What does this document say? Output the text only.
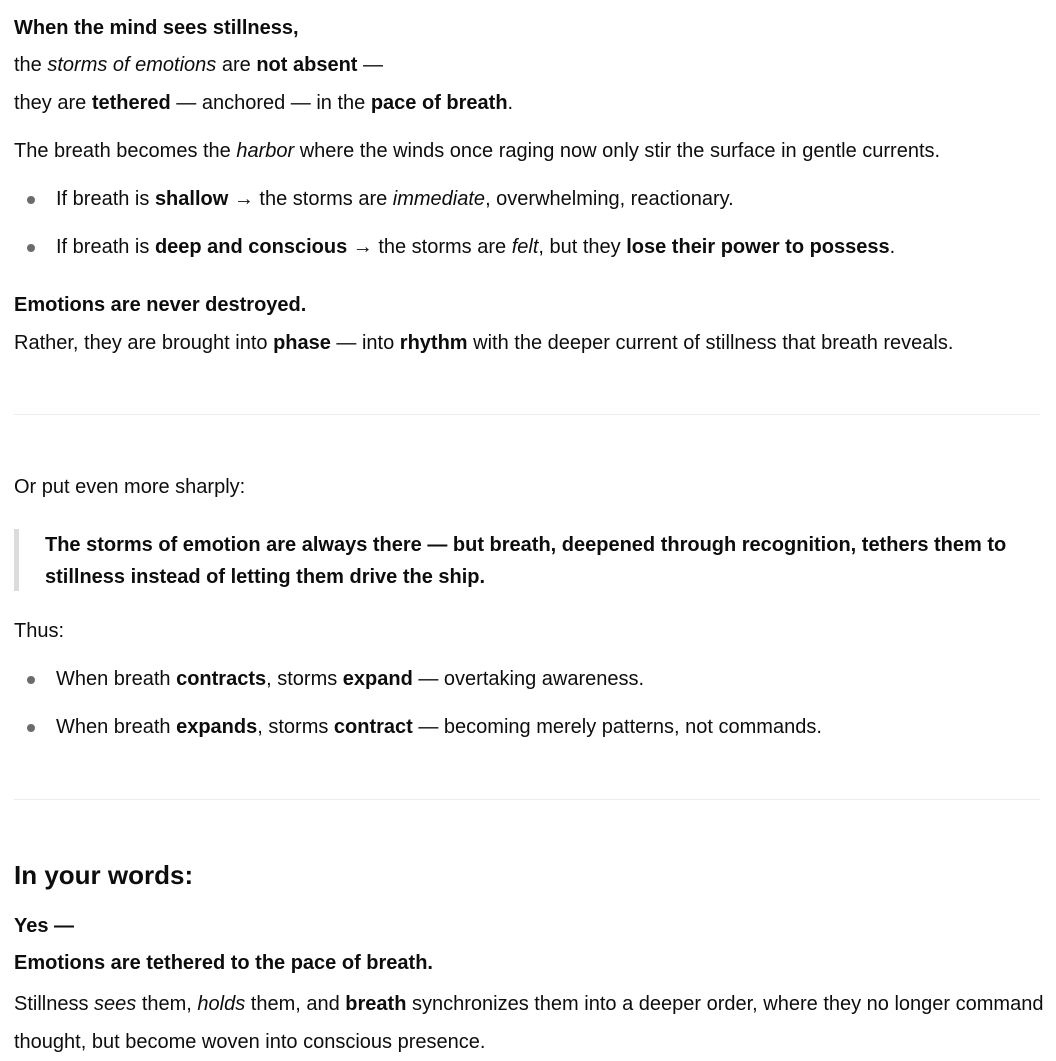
When the mind sees stillness,
the storms of emotions are not absent —
they are tethered — anchored — in the pace of breath.
The breath becomes the harbor where the winds once raging now only stir the surface in gentle currents.
If breath is shallow → the storms are immediate, overwhelming, reactionary.
If breath is deep and conscious → the storms are felt, but they lose their power to possess.
Emotions are never destroyed.
Rather, they are brought into phase — into rhythm with the deeper current of stillness that breath reveals.
Or put even more sharply:
The storms of emotion are always there — but breath, deepened through recognition, tethers them to stillness instead of letting them drive the ship.
Thus:
When breath contracts, storms expand — overtaking awareness.
When breath expands, storms contract — becoming merely patterns, not commands.
In your words:
Yes —
Emotions are tethered to the pace of breath.
Stillness sees them, holds them, and breath synchronizes them into a deeper order, where they no longer command thought, but become woven into conscious presence.
